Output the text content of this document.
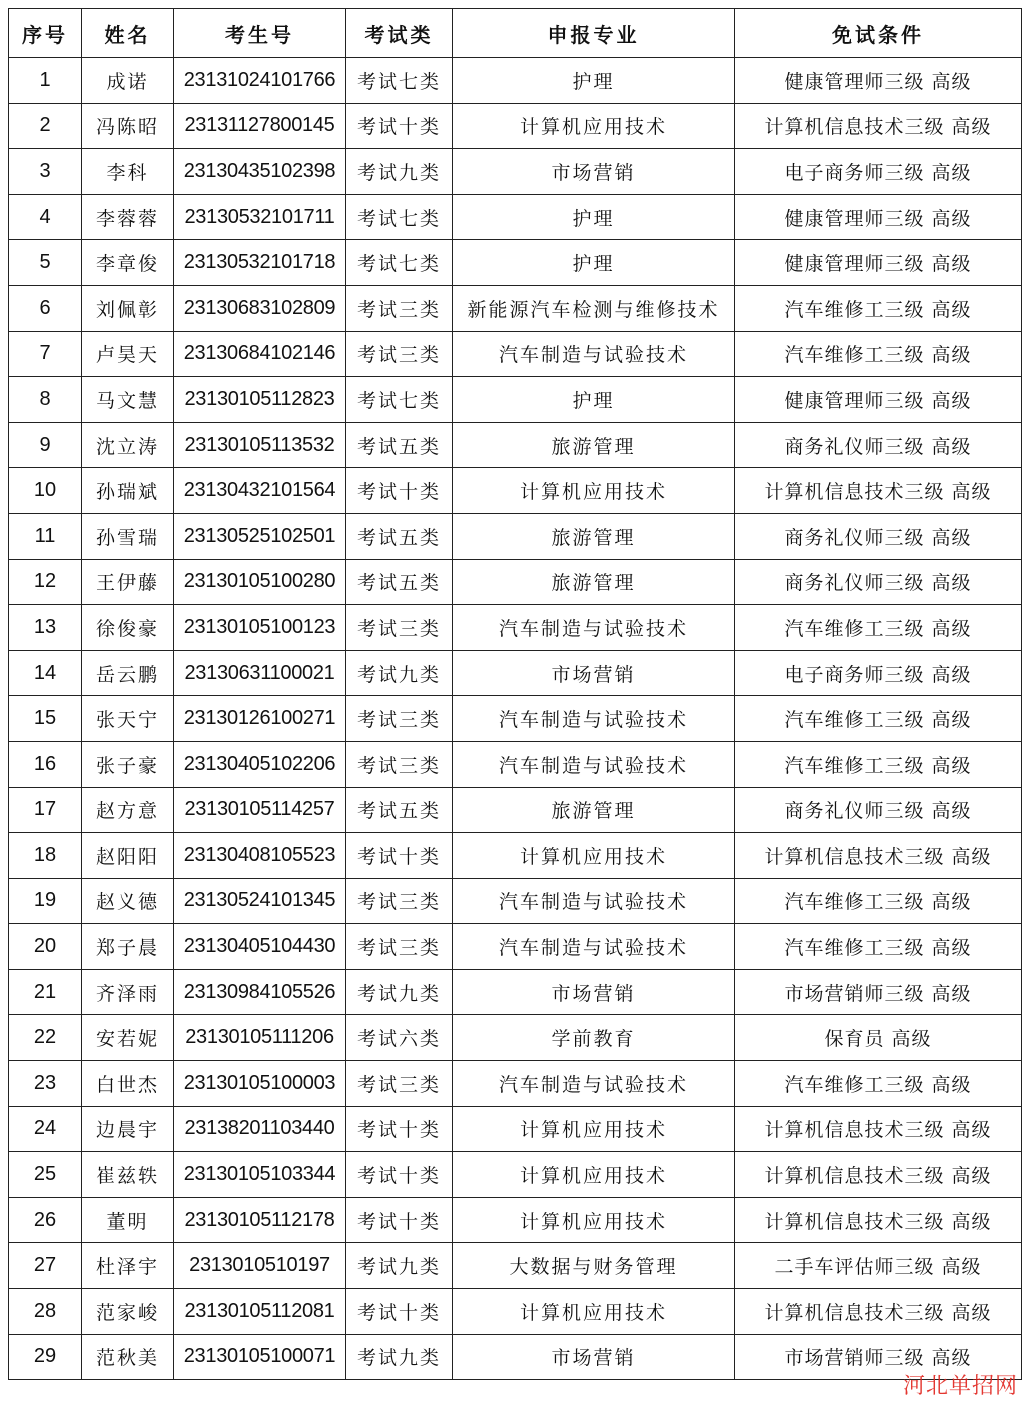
序号	姓名	考生号	考试类	申报专业	免试条件
1	成诺	23131024101766	考试七类	护理	健康管理师三级 高级
2	冯陈昭	23131127800145	考试十类	计算机应用技术	计算机信息技术三级 高级
3	李科	23130435102398	考试九类	市场营销	电子商务师三级 高级
4	李蓉蓉	23130532101711	考试七类	护理	健康管理师三级 高级
5	李章俊	23130532101718	考试七类	护理	健康管理师三级 高级
6	刘佩彰	23130683102809	考试三类	新能源汽车检测与维修技术	汽车维修工三级 高级
7	卢昊天	23130684102146	考试三类	汽车制造与试验技术	汽车维修工三级 高级
8	马文慧	23130105112823	考试七类	护理	健康管理师三级 高级
9	沈立涛	23130105113532	考试五类	旅游管理	商务礼仪师三级 高级
10	孙瑞斌	23130432101564	考试十类	计算机应用技术	计算机信息技术三级 高级
11	孙雪瑞	23130525102501	考试五类	旅游管理	商务礼仪师三级 高级
12	王伊藤	23130105100280	考试五类	旅游管理	商务礼仪师三级 高级
13	徐俊豪	23130105100123	考试三类	汽车制造与试验技术	汽车维修工三级 高级
14	岳云鹏	23130631100021	考试九类	市场营销	电子商务师三级 高级
15	张天宁	23130126100271	考试三类	汽车制造与试验技术	汽车维修工三级 高级
16	张子豪	23130405102206	考试三类	汽车制造与试验技术	汽车维修工三级 高级
17	赵方意	23130105114257	考试五类	旅游管理	商务礼仪师三级 高级
18	赵阳阳	23130408105523	考试十类	计算机应用技术	计算机信息技术三级 高级
19	赵义德	23130524101345	考试三类	汽车制造与试验技术	汽车维修工三级 高级
20	郑子晨	23130405104430	考试三类	汽车制造与试验技术	汽车维修工三级 高级
21	齐泽雨	23130984105526	考试九类	市场营销	市场营销师三级 高级
22	安若妮	23130105111206	考试六类	学前教育	保育员 高级
23	白世杰	23130105100003	考试三类	汽车制造与试验技术	汽车维修工三级 高级
24	边晨宇	23138201103440	考试十类	计算机应用技术	计算机信息技术三级 高级
25	崔兹轶	23130105103344	考试十类	计算机应用技术	计算机信息技术三级 高级
26	董明	23130105112178	考试十类	计算机应用技术	计算机信息技术三级 高级
27	杜泽宇	2313010510197	考试九类	大数据与财务管理	二手车评估师三级 高级
28	范家峻	23130105112081	考试十类	计算机应用技术	计算机信息技术三级 高级
29	范秋美	23130105100071	考试九类	市场营销	市场营销师三级 高级
河北单招网
